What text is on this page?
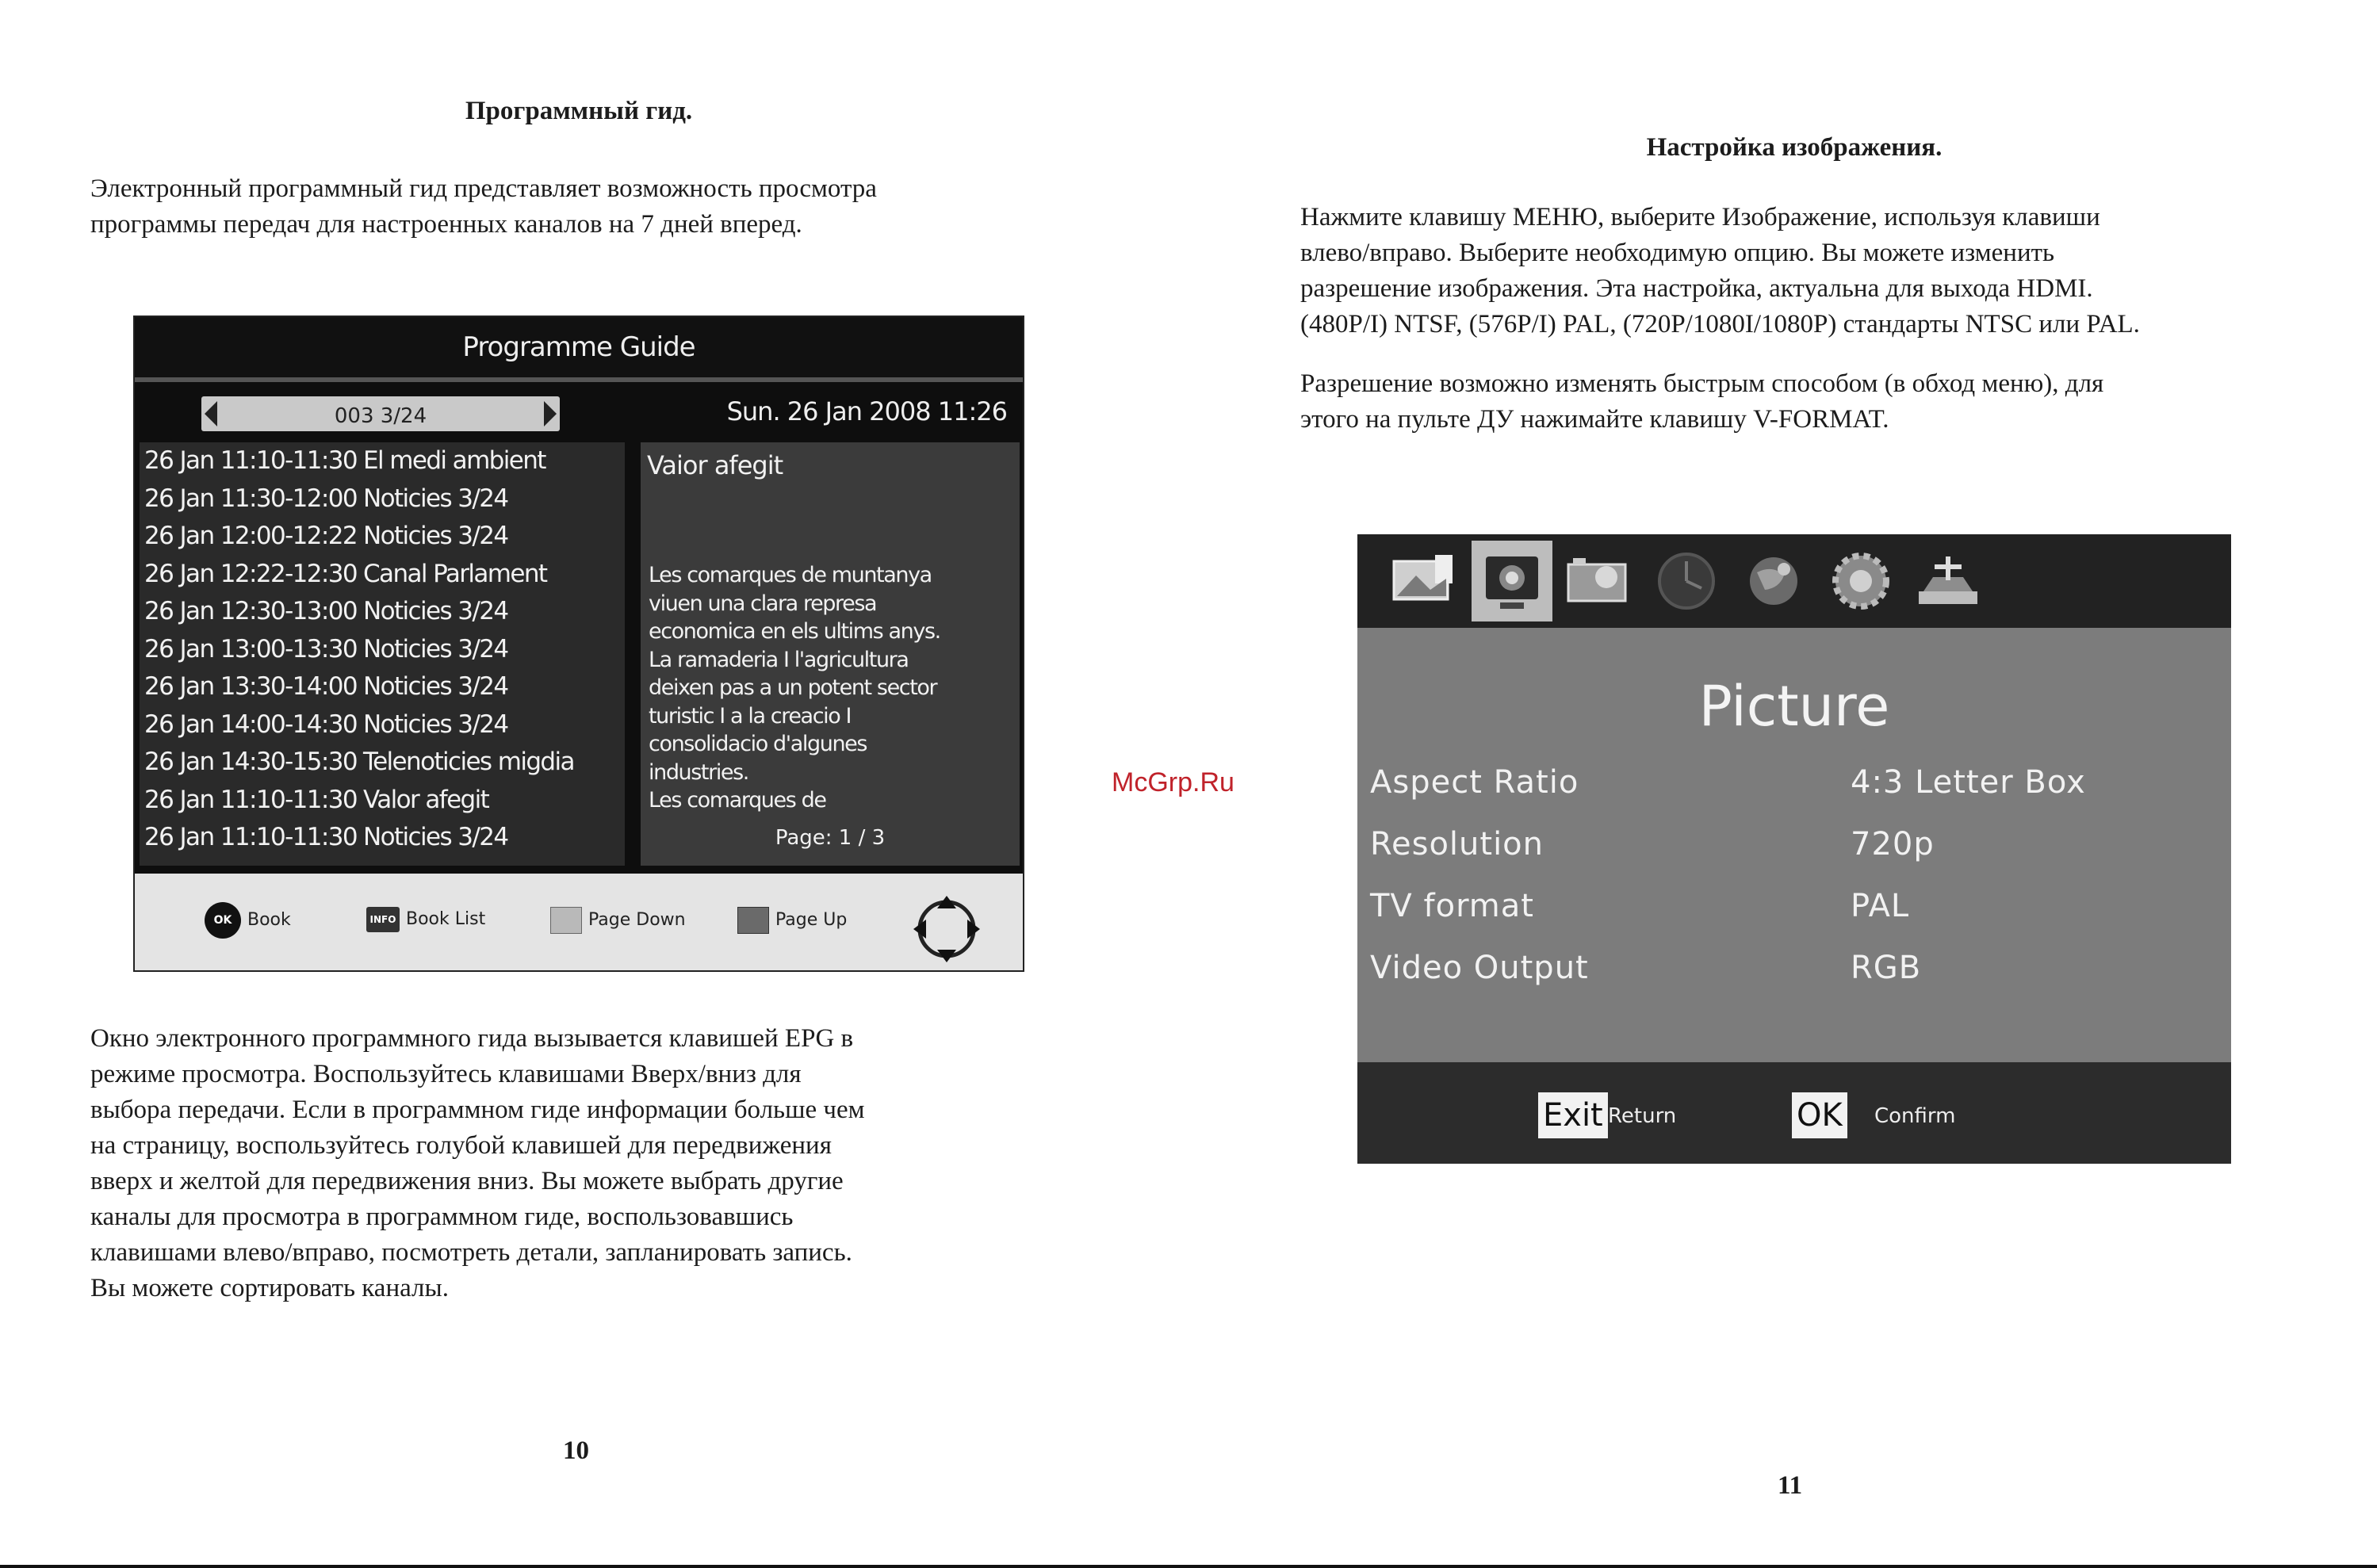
Программный гид.
Электронный программный гид представляет возможность просмотра
программы передач для настроенных каналов на 7 дней вперед.
Programme Guide
003 3/24	Sun. 26 Jan 2008 11:26
26 Jan 11:10-11:30 El medi ambient
26 Jan 11:30-12:00 Noticies 3/24
26 Jan 12:00-12:22 Noticies 3/24
26 Jan 12:22-12:30 Canal Parlament
26 Jan 12:30-13:00 Noticies 3/24
26 Jan 13:00-13:30 Noticies 3/24
26 Jan 13:30-14:00 Noticies 3/24
26 Jan 14:00-14:30 Noticies 3/24
26 Jan 14:30-15:30 Telenoticies migdia
26 Jan 11:10-11:30 Valor afegit
26 Jan 11:10-11:30 Noticies 3/24
Vaior afegit
Les comarques de muntanya
viuen una clara represa
economica en els ultims anys.
La ramaderia I l'agricultura
deixen pas a un potent sector
turistic I a la creacio I
consolidacio d'algunes
industries.
Les comarques de
Page: 1 / 3
OK Book	INFO Book List	Page Down	Page Up
Окно электронного программного гида вызывается клавишей EPG в
режиме просмотра. Воспользуйтесь клавишами Вверх/вниз для
выбора передачи. Если в программном гиде информации больше чем
на страницу, воспользуйтесь голубой клавишей для передвижения
вверх и желтой для передвижения вниз. Вы можете выбрать другие
каналы для просмотра в программном гиде, воспользовавшись
клавишами влево/вправо, посмотреть детали, запланировать запись.
Вы можете сортировать каналы.
10
McGrp.Ru
Настройка изображения.
Нажмите клавишу МЕНЮ, выберите Изображение, используя клавиши
влево/вправо. Выберите необходимую опцию. Вы можете изменить
разрешение изображения. Эта настройка, актуальна для выхода HDMI.
(480P/I) NTSF, (576P/I) PAL, (720P/1080I/1080P) стандарты NTSC или PAL.
Разрешение возможно изменять быстрым способом (в обход меню), для
этого на пульте ДУ нажимайте клавишу V-FORMAT.
Picture
Aspect Ratio	4:3 Letter Box
Resolution	720p
TV format	PAL
Video Output	RGB
Exit Return	OK Confirm
11
